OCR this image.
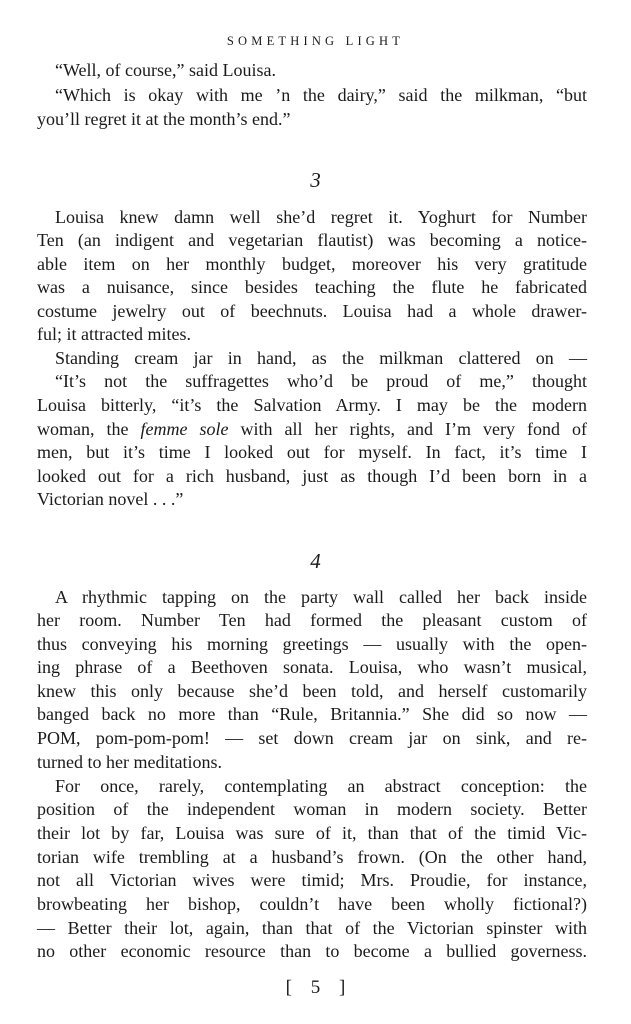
SOMETHING LIGHT
“Well, of course,” said Louisa.
“Which is okay with me ’n the dairy,” said the milkman, “but
you’ll regret it at the month’s end.”
3
Louisa knew damn well she’d regret it. Yoghurt for Number
Ten (an indigent and vegetarian flautist) was becoming a notice-
able item on her monthly budget, moreover his very gratitude
was a nuisance, since besides teaching the flute he fabricated
costume jewelry out of beechnuts. Louisa had a whole drawer-
ful; it attracted mites.
Standing cream jar in hand, as the milkman clattered on —
“It’s not the suffragettes who’d be proud of me,” thought
Louisa bitterly, “it’s the Salvation Army. I may be the modern
woman, the femme sole with all her rights, and I’m very fond of
men, but it’s time I looked out for myself. In fact, it’s time I
looked out for a rich husband, just as though I’d been born in a
Victorian novel . . .”
4
A rhythmic tapping on the party wall called her back inside
her room. Number Ten had formed the pleasant custom of
thus conveying his morning greetings — usually with the open-
ing phrase of a Beethoven sonata. Louisa, who wasn’t musical,
knew this only because she’d been told, and herself customarily
banged back no more than “Rule, Britannia.” She did so now —
POM, pom-pom-pom! — set down cream jar on sink, and re-
turned to her meditations.
For once, rarely, contemplating an abstract conception: the
position of the independent woman in modern society. Better
their lot by far, Louisa was sure of it, than that of the timid Vic-
torian wife trembling at a husband’s frown. (On the other hand,
not all Victorian wives were timid; Mrs. Proudie, for instance,
browbeating her bishop, couldn’t have been wholly fictional?)
— Better their lot, again, than that of the Victorian spinster with
no other economic resource than to become a bullied governess.
[ 5 ]
